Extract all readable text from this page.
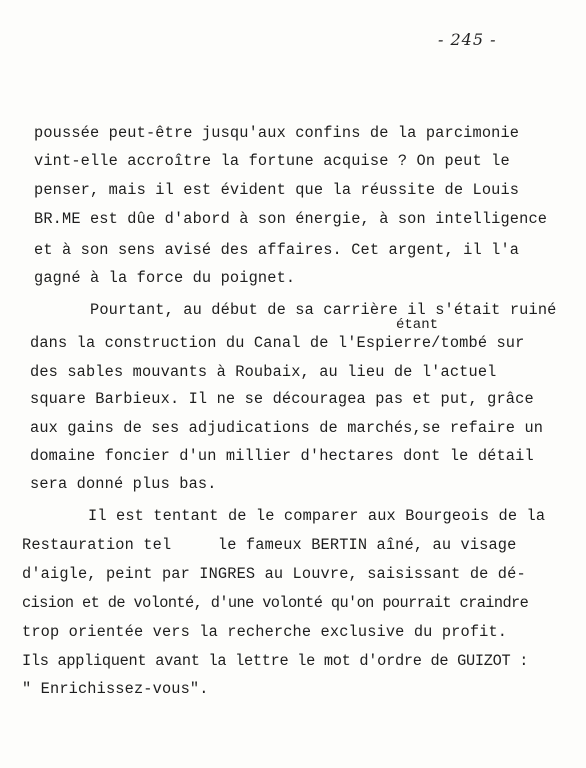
- 245 -
poussée peut-être jusqu'aux confins de la parcimonie
vint-elle accroître la fortune acquise ? On peut le
penser, mais il est évident que la réussite de Louis
BR.ME est dûe d'abord à son énergie, à son intelligence
et à son sens avisé des affaires. Cet argent, il l'a
gagné à la force du poignet.
Pourtant, au début de sa carrière il s'était ruiné
étant
dans la construction du Canal de l'Espierre/tombé sur
des sables mouvants à Roubaix, au lieu de l'actuel
square Barbieux. Il ne se découragea pas et put, grâce
aux gains de ses adjudications de marchés,se refaire un
domaine foncier d'un millier d'hectares dont le détail
sera donné plus bas.
Il est tentant de le comparer aux Bourgeois de la
Restauration tel     le fameux BERTIN aîné, au visage
d'aigle, peint par INGRES au Louvre, saisissant de dé-
cision et de volonté, d'une volonté qu'on pourrait craindre
trop orientée vers la recherche exclusive du profit.
Ils appliquent avant la lettre le mot d'ordre de GUIZOT :
" Enrichissez-vous".
